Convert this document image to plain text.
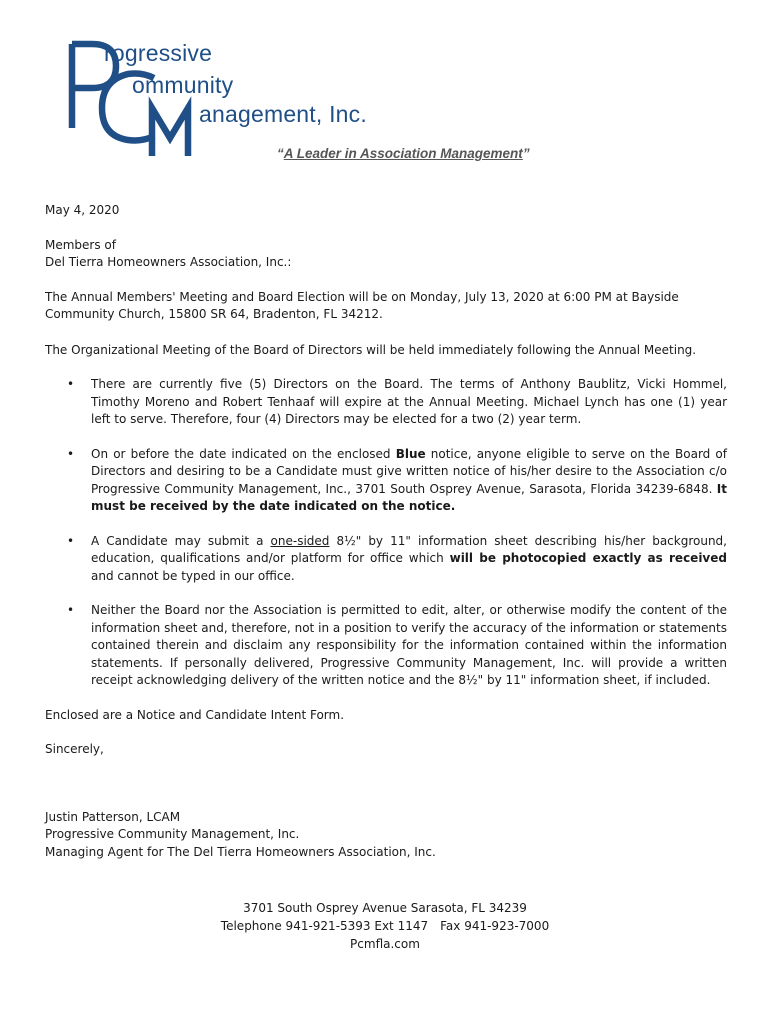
rogressive
ommunity
anagement, Inc.
“A Leader in Association Management”

May 4, 2020

Members of

Del Tierra Homeowners Association, Inc.:

The Annual Members' Meeting and Board Election will be on Monday, July 13, 2020 at 6:00 PM at Bayside Community Church, 15800 SR 64, Bradenton, FL 34212.

The Organizational Meeting of the Board of Directors will be held immediately following the Annual Meeting.

• There are currently five (5) Directors on the Board. The terms of Anthony Baublitz, Vicki Hommel, Timothy Moreno and Robert Tenhaaf will expire at the Annual Meeting. Michael Lynch has one (1) year left to serve. Therefore, four (4) Directors may be elected for a two (2) year term.
• On or before the date indicated on the enclosed Blue notice, anyone eligible to serve on the Board of Directors and desiring to be a Candidate must give written notice of his/her desire to the Association c/o Progressive Community Management, Inc., 3701 South Osprey Avenue, Sarasota, Florida 34239-6848. It must be received by the date indicated on the notice.
• A Candidate may submit a one-sided 8½" by 11" information sheet describing his/her background, education, qualifications and/or platform for office which will be photocopied exactly as received and cannot be typed in our office.
• Neither the Board nor the Association is permitted to edit, alter, or otherwise modify the content of the information sheet and, therefore, not in a position to verify the accuracy of the information or statements contained therein and disclaim any responsibility for the information contained within the information statements. If personally delivered, Progressive Community Management, Inc. will provide a written receipt acknowledging delivery of the written notice and the 8½" by 11" information sheet, if included.

Enclosed are a Notice and Candidate Intent Form.

Sincerely,

Justin Patterson, LCAM

Progressive Community Management, Inc.

Managing Agent for The Del Tierra Homeowners Association, Inc.

3701 South Osprey Avenue Sarasota, FL 34239
Telephone 941-921-5393 Ext 1147 Fax 941-923-7000
Pcmfla.com
